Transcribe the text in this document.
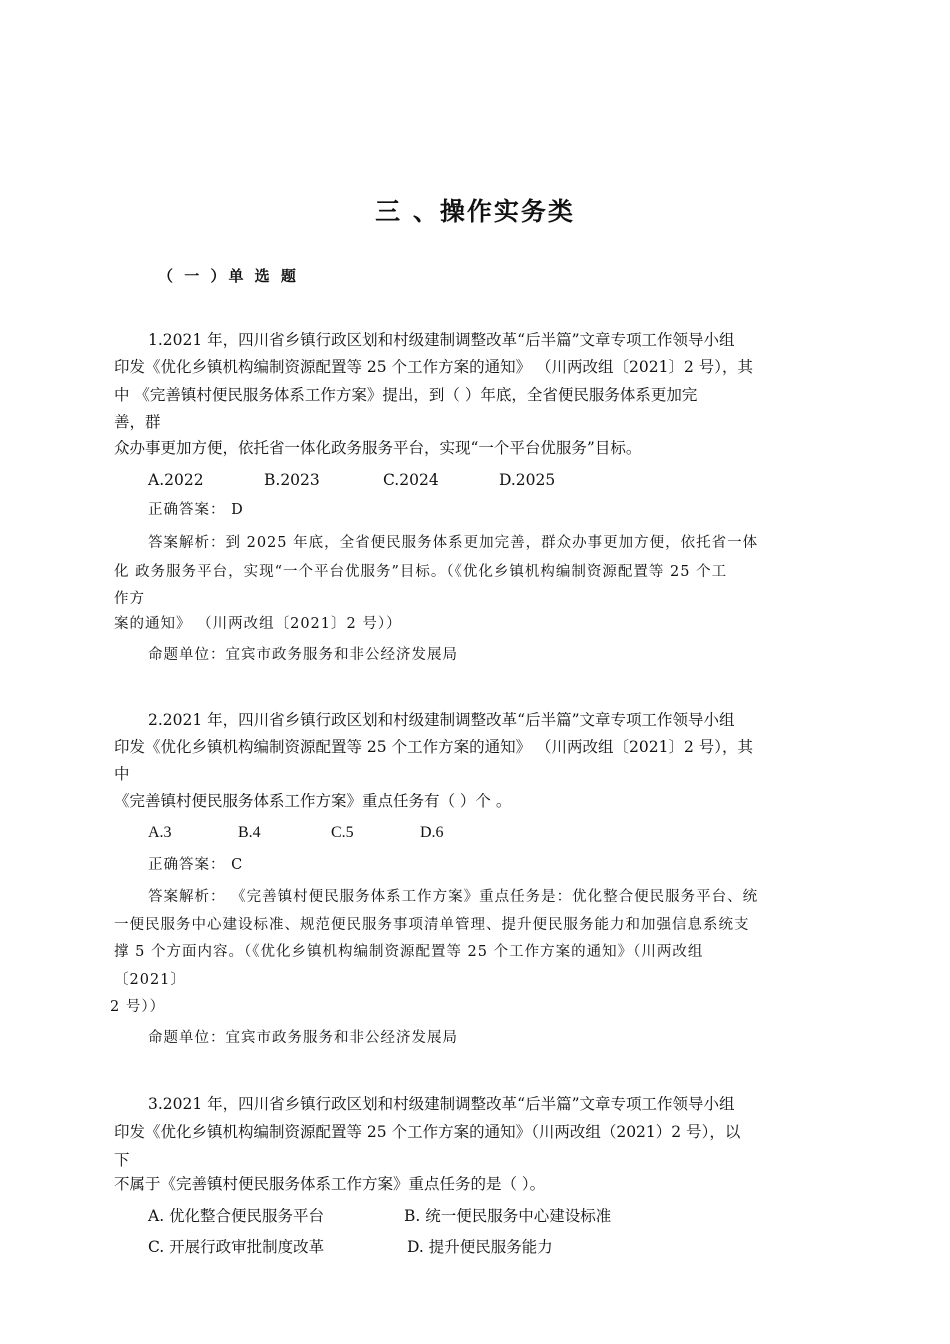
三 、操作实务类
（ 一 ）单 选 题
1.2021 年，四川省乡镇行政区划和村级建制调整改革“后半篇”文章专项工作领导小组
印发《优化乡镇机构编制资源配置等 25 个工作方案的通知》 （川两改组〔2021〕2 号），其
中 《完善镇村便民服务体系工作方案》提出，到（ ）年底，全省便民服务体系更加完
善，群
众办事更加方便，依托省一体化政务服务平台，实现“一个平台优服务”目标。
A.2022	B.2023	C.2024	D.2025
正确答案： D
答案解析：到 2025 年底，全省便民服务体系更加完善，群众办事更加方便，依托省一体
化 政务服务平台，实现“一个平台优服务”目标。（《优化乡镇机构编制资源配置等 25 个工
作方
案的通知》 （川两改组〔2021〕2 号））
命题单位：宜宾市政务服务和非公经济发展局
2.2021 年，四川省乡镇行政区划和村级建制调整改革“后半篇”文章专项工作领导小组
印发《优化乡镇机构编制资源配置等 25 个工作方案的通知》 （川两改组〔2021〕2 号），其
中
《完善镇村便民服务体系工作方案》重点任务有（ ）个 。
A.3	B.4	C.5	D.6
正确答案： C
答案解析： 《完善镇村便民服务体系工作方案》重点任务是：优化整合便民服务平台、统
一便民服务中心建设标准、规范便民服务事项清单管理、提升便民服务能力和加强信息系统支
撑 5 个方面内容。（《优化乡镇机构编制资源配置等 25 个工作方案的通知》（川两改组
〔2021〕
2 号））
命题单位：宜宾市政务服务和非公经济发展局
3.2021 年，四川省乡镇行政区划和村级建制调整改革“后半篇”文章专项工作领导小组
印发《优化乡镇机构编制资源配置等 25 个工作方案的通知》（川两改组（2021）2 号），以
下
不属于《完善镇村便民服务体系工作方案》重点任务的是（ ）。
A. 优化整合便民服务平台	B. 统一便民服务中心建设标准
C. 开展行政审批制度改革	D. 提升便民服务能力
